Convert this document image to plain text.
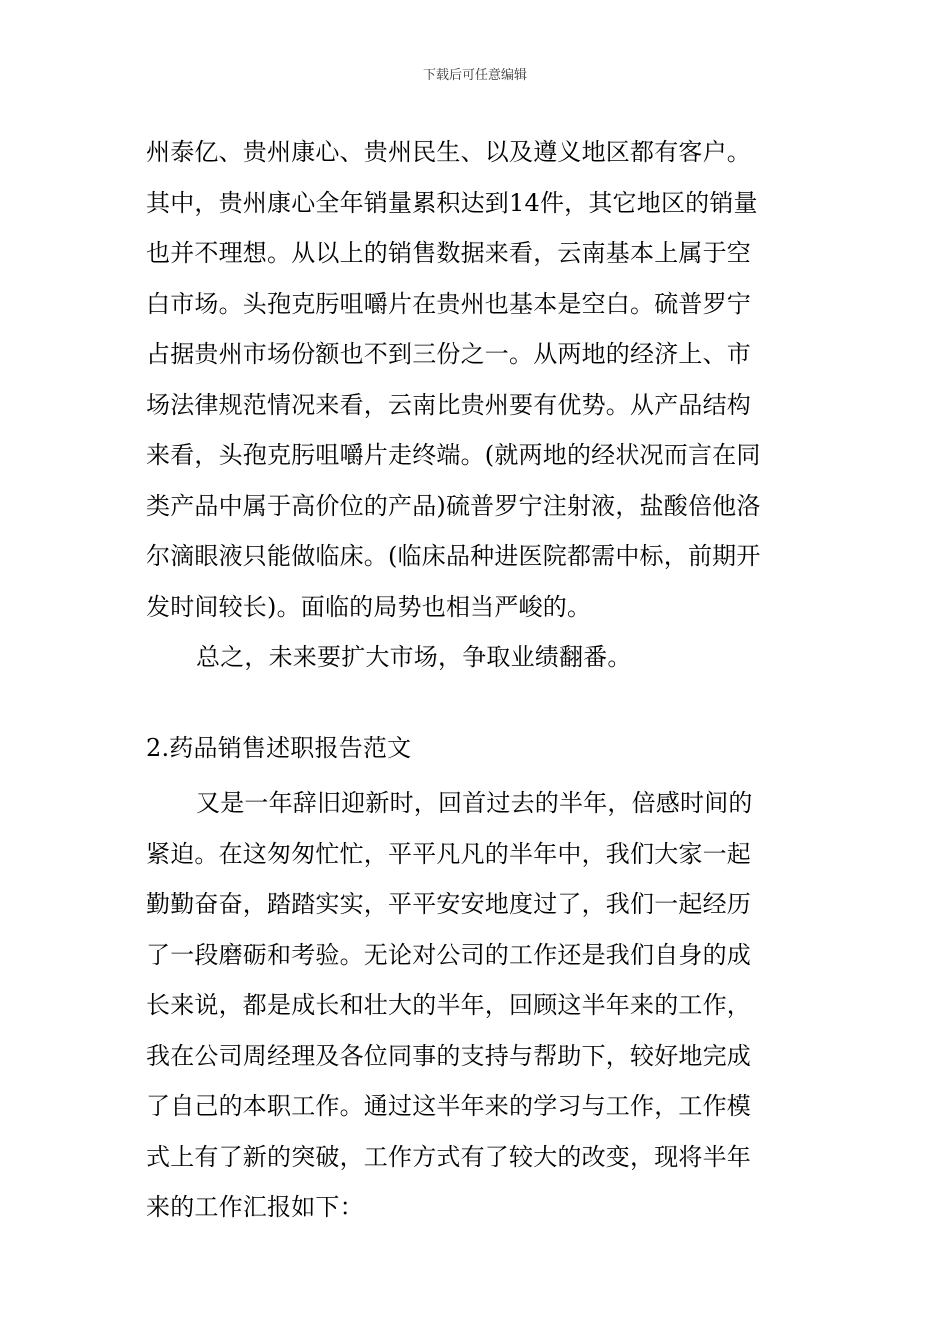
下载后可任意编辑
州泰亿、贵州康心、贵州民生、以及遵义地区都有客户。
其中，贵州康心全年销量累积达到14件，其它地区的销量
也并不理想。从以上的销售数据来看，云南基本上属于空
白市场。头孢克肟咀嚼片在贵州也基本是空白。硫普罗宁
占据贵州市场份额也不到三份之一。从两地的经济上、市
场法律规范情况来看，云南比贵州要有优势。从产品结构
来看，头孢克肟咀嚼片走终端。(就两地的经状况而言在同
类产品中属于高价位的产品)硫普罗宁注射液，盐酸倍他洛
尔滴眼液只能做临床。(临床品种进医院都需中标，前期开
发时间较长)。面临的局势也相当严峻的。
总之，未来要扩大市场，争取业绩翻番。
2.药品销售述职报告范文
又是一年辞旧迎新时，回首过去的半年，倍感时间的
紧迫。在这匆匆忙忙，平平凡凡的半年中，我们大家一起
勤勤奋奋，踏踏实实，平平安安地度过了，我们一起经历
了一段磨砺和考验。无论对公司的工作还是我们自身的成
长来说，都是成长和壮大的半年，回顾这半年来的工作，
我在公司周经理及各位同事的支持与帮助下，较好地完成
了自己的本职工作。通过这半年来的学习与工作，工作模
式上有了新的突破，工作方式有了较大的改变，现将半年
来的工作汇报如下：
